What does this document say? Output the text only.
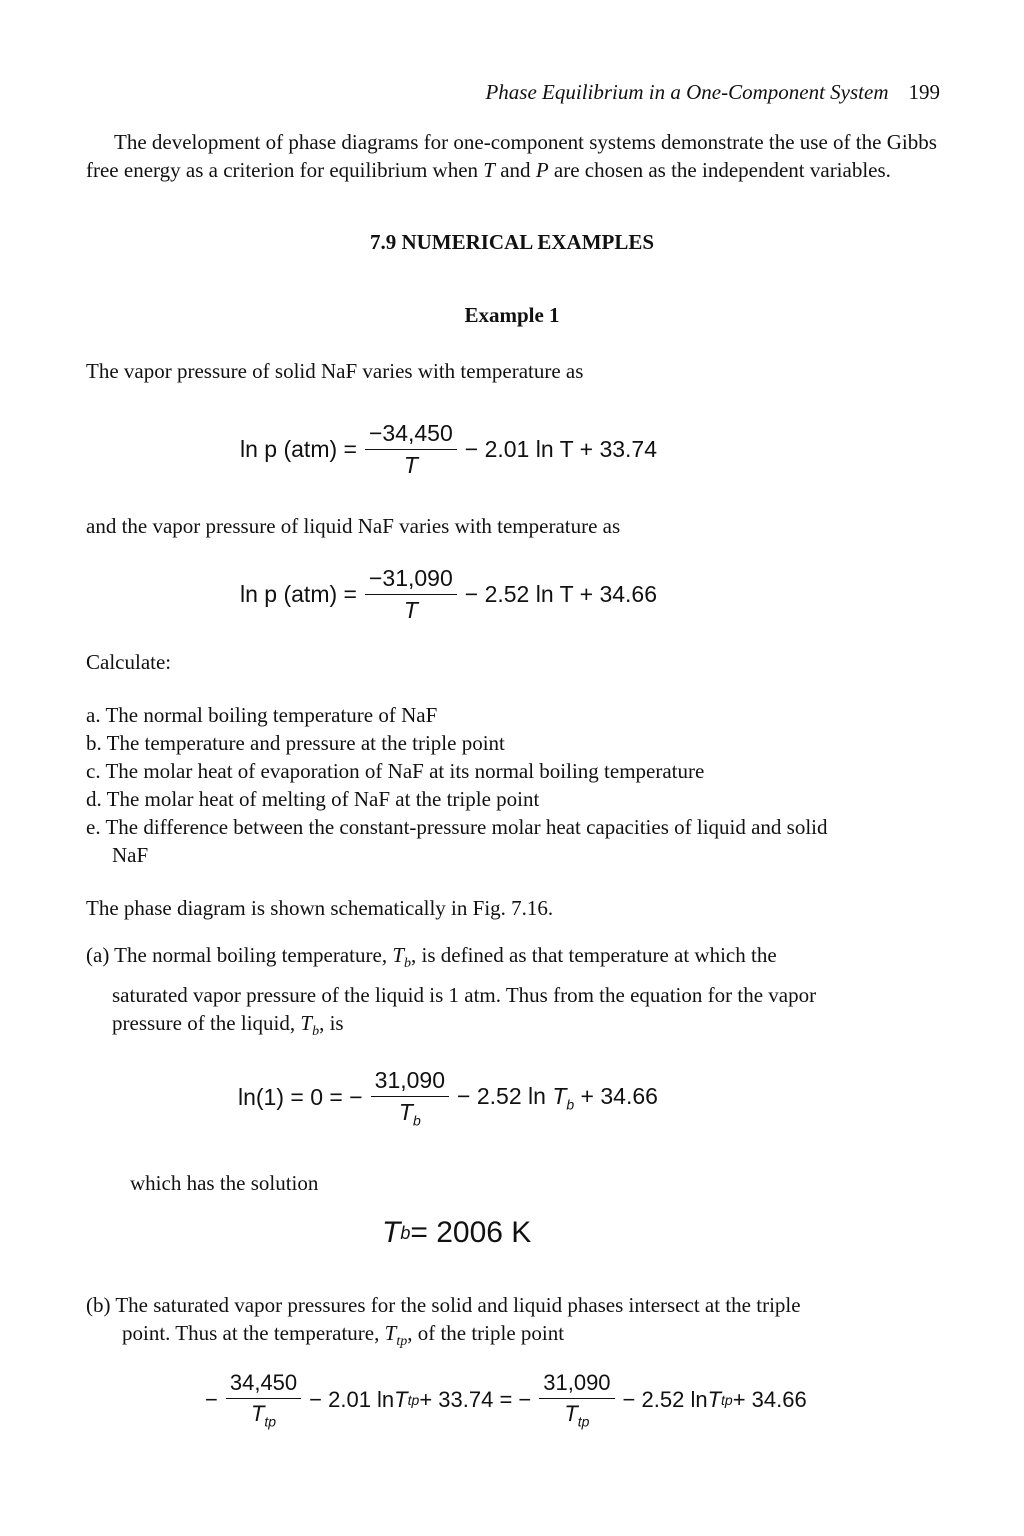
Phase Equilibrium in a One-Component System 199
The development of phase diagrams for one-component systems demonstrate the use of the Gibbs free energy as a criterion for equilibrium when T and P are chosen as the independent variables.
7.9 NUMERICAL EXAMPLES
Example 1
The vapor pressure of solid NaF varies with temperature as
ln p $(atm) = \frac{-34,450}{T} - 2.01$ ln T + 33.74
and the vapor pressure of liquid NaF varies with temperature as
ln p $(atm) = \frac{-31,090}{T} - 2.52$ ln T + 34.66
Calculate:
a. The normal boiling temperature of NaF
b. The temperature and pressure at the triple point
c. The molar heat of evaporation of NaF at its normal boiling temperature
d. The molar heat of melting of NaF at the triple point
e. The difference between the constant-pressure molar heat capacities of liquid and solid
NaF
The phase diagram is shown schematically in Fig. 7.16.
(a) The normal boiling temperature, $T_b$, is defined as that temperature at which the
saturated vapor pressure of the liquid is 1 atm. Thus from the equation for the vapor
pressure of the liquid, $T_b$, is
ln(1) = 0 = − $\frac{31,090}{T_b} - 2.52$ $\ln T_b + 34.66$
which has the solution
T b = 2006 K
(b) The saturated vapor pressures for the solid and liquid phases intersect at the triple
point. Thus at the temperature, $T_{tp}$, of the triple point
− $\frac{34,450}{T_{tp}} - 2.01$ ln T tp + 33.74 = − $\frac{31,090}{T_{tp}} - 2.52$ ln T tp + 34.66
